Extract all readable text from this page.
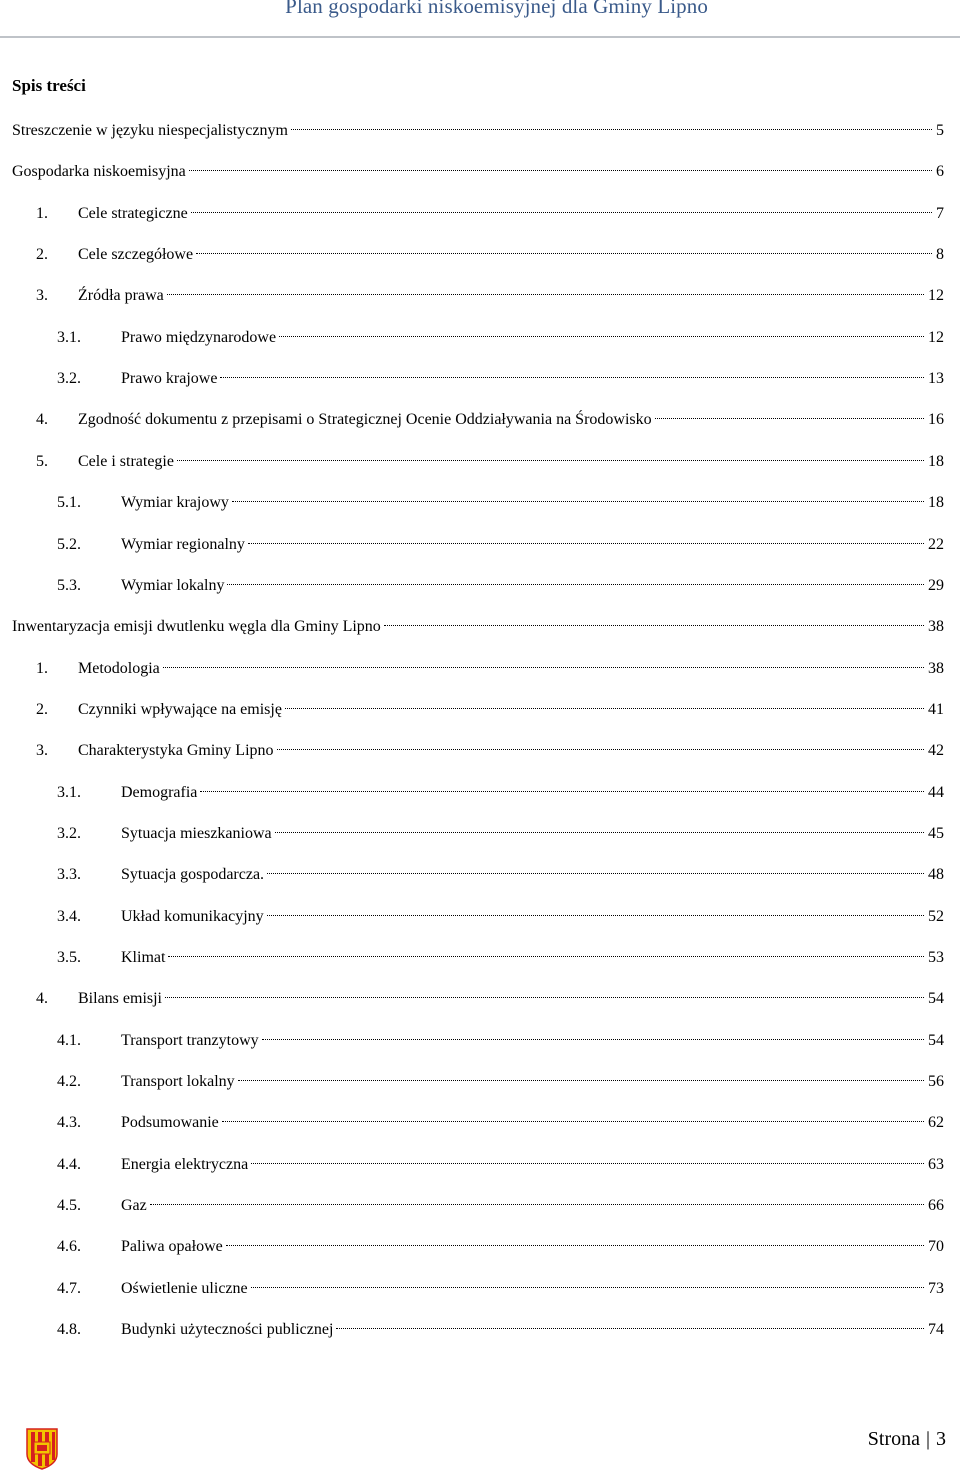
Plan gospodarki niskoemisyjnej dla Gminy Lipno
Spis treści
Streszczenie w języku niespecjalistycznym	5
Gospodarka niskoemisyjna	6
1. Cele strategiczne	7
2. Cele szczegółowe	8
3. Źródła prawa	12
3.1.	Prawo międzynarodowe	12
3.2.	Prawo krajowe	13
4. Zgodność dokumentu z przepisami o Strategicznej Ocenie Oddziaływania na Środowisko	16
5. Cele i strategie	18
5.1.	Wymiar krajowy	18
5.2.	Wymiar regionalny	22
5.3.	Wymiar lokalny	29
Inwentaryzacja emisji dwutlenku węgla dla Gminy Lipno	38
1. Metodologia	38
2. Czynniki wpływające na emisję	41
3. Charakterystyka Gminy Lipno	42
3.1.	Demografia	44
3.2.	Sytuacja mieszkaniowa	45
3.3.	Sytuacja gospodarcza.	48
3.4.	Układ komunikacyjny	52
3.5.	Klimat	53
4. Bilans emisji	54
4.1.	Transport tranzytowy	54
4.2.	Transport lokalny	56
4.3.	Podsumowanie	62
4.4.	Energia elektryczna	63
4.5.	Gaz	66
4.6.	Paliwa opałowe	70
4.7.	Oświetlenie uliczne	73
4.8.	Budynki użyteczności publicznej	74
Strona | 3
